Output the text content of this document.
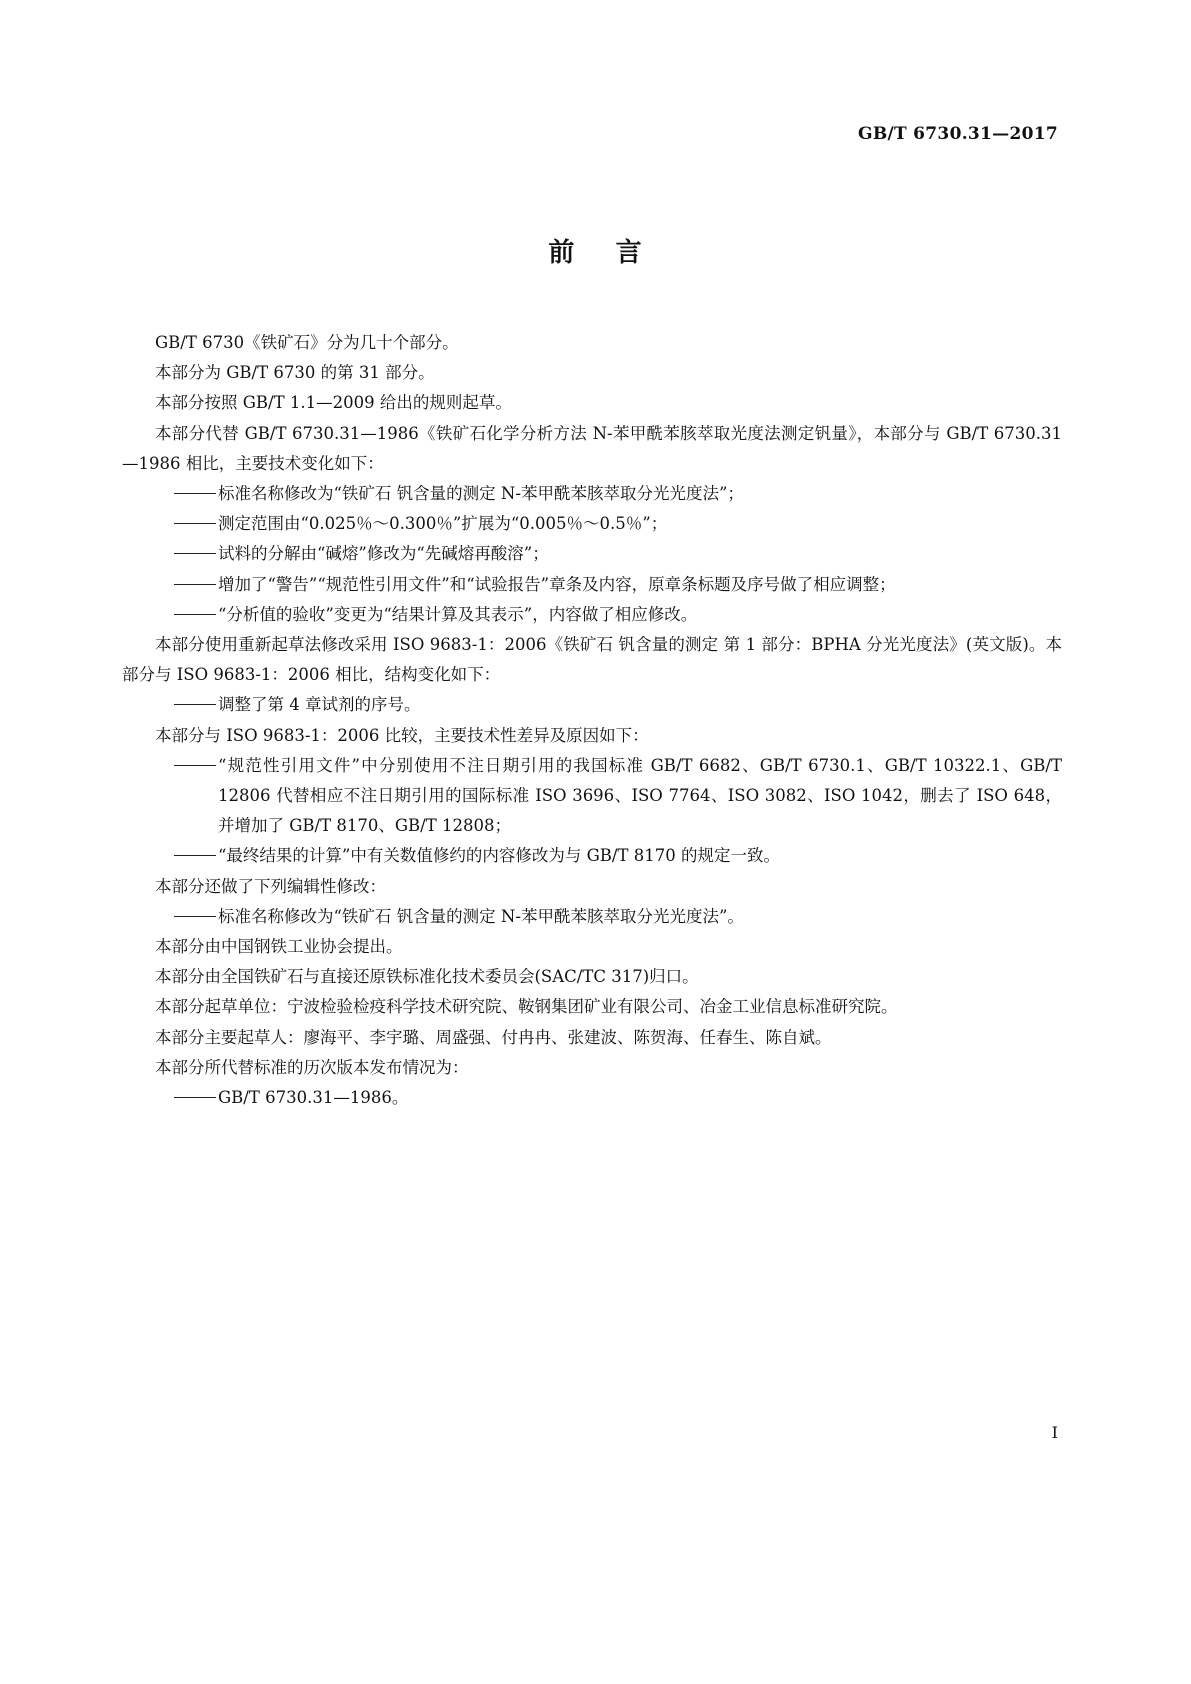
GB/T 6730.31—2017
前    言

GB/T 6730《铁矿石》分为几十个部分。

本部分为 GB/T 6730 的第 31 部分。

本部分按照 GB/T 1.1—2009 给出的规则起草。

本部分代替 GB/T 6730.31—1986《铁矿石化学分析方法 N-苯甲酰苯胲萃取光度法测定钒量》，本部分与 GB/T 6730.31—1986 相比，主要技术变化如下：

标准名称修改为“铁矿石 钒含量的测定 N-苯甲酰苯胲萃取分光光度法”；
测定范围由“0.025％～0.300％”扩展为“0.005％～0.5％”；
试料的分解由“碱熔”修改为“先碱熔再酸溶”；
增加了“警告”“规范性引用文件”和“试验报告”章条及内容，原章条标题及序号做了相应调整；
“分析值的验收”变更为“结果计算及其表示”，内容做了相应修改。

本部分使用重新起草法修改采用 ISO 9683-1：2006《铁矿石 钒含量的测定 第 1 部分：BPHA 分光光度法》(英文版)。本部分与 ISO 9683-1：2006 相比，结构变化如下：

调整了第 4 章试剂的序号。

本部分与 ISO 9683-1：2006 比较，主要技术性差异及原因如下：

“规范性引用文件”中分别使用不注日期引用的我国标准 GB/T 6682、GB/T 6730.1、GB/T 10322.1、GB/T 12806 代替相应不注日期引用的国际标准 ISO 3696、ISO 7764、ISO 3082、ISO 1042，删去了 ISO 648，并增加了 GB/T 8170、GB/T 12808；
“最终结果的计算”中有关数值修约的内容修改为与 GB/T 8170 的规定一致。

本部分还做了下列编辑性修改：

标准名称修改为“铁矿石 钒含量的测定 N-苯甲酰苯胲萃取分光光度法”。

本部分由中国钢铁工业协会提出。

本部分由全国铁矿石与直接还原铁标准化技术委员会(SAC/TC 317)归口。

本部分起草单位：宁波检验检疫科学技术研究院、鞍钢集团矿业有限公司、冶金工业信息标准研究院。

本部分主要起草人：廖海平、李宇璐、周盛强、付冉冉、张建波、陈贺海、任春生、陈自斌。

本部分所代替标准的历次版本发布情况为：

GB/T 6730.31—1986。
I
